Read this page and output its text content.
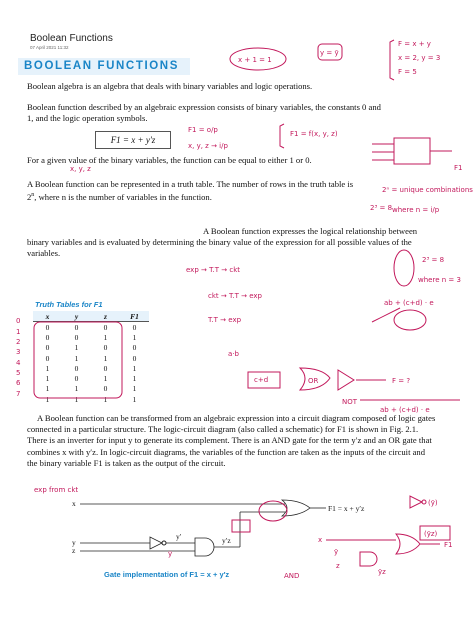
Boolean Functions
07 April 2021 11:32
BOOLEAN FUNCTIONS
Boolean algebra is an algebra that deals with binary variables and logic operations.
Boolean function described by an algebraic expression consists of binary variables, the constants 0 and 1, and the logic operation symbols.
F1 = x + y′z
For a given value of the binary variables, the function can be equal to either 1 or 0.
A Boolean function can be represented in a truth table. The number of rows in the truth table is 2$^n$, where n is the number of variables in the function.
A Boolean function expresses the logical relationship between binary variables and is evaluated by determining the binary value of the expression for all possible values of the variables.
Truth Tables for F1
x	y	z	F1
0	0	0	0
0	0	1	1
0	1	0	0
0	1	1	0
1	0	0	1
1	0	1	1
1	1	0	1
1	1	1	1
A Boolean function can be transformed from an algebraic expression into a circuit diagram composed of logic gates connected in a particular structure. The logic-circuit diagram (also called a schematic) for F1 is shown in Fig. 2.1. There is an inverter for input y to generate its complement. There is an AND gate for the term y′z and an OR gate that combines x with y′z. In logic-circuit diagrams, the variables of the function are taken as the inputs of the circuit and the binary variable F1 is taken as the output of the circuit.
x
y
z
F1 = x + y′z
y′	y′z
Gate implementation of F1 = x + y′z
x + 1 = 1
y = ȳ
F = x + y
x = 2, y = 3
F = 5
F1 = o/p
x, y, z → i/p
F1 = f(x, y, z)
F1
x, y, z
2ⁿ = unique combinations
2³ = 8 where n = i/p
2³ = 8
where n = 3
exp → T.T → ckt
ckt → T.T → exp
T.T → exp
ab + (c+d) · e
a·b
c+d	OR
NOT
F = ?
ab + (c+d) · e
exp from ckt
ȳ
AND
(ȳ)
(ȳz)
x
ȳ
z
F1
ȳz
0
1
2
3
4
5
6
7
